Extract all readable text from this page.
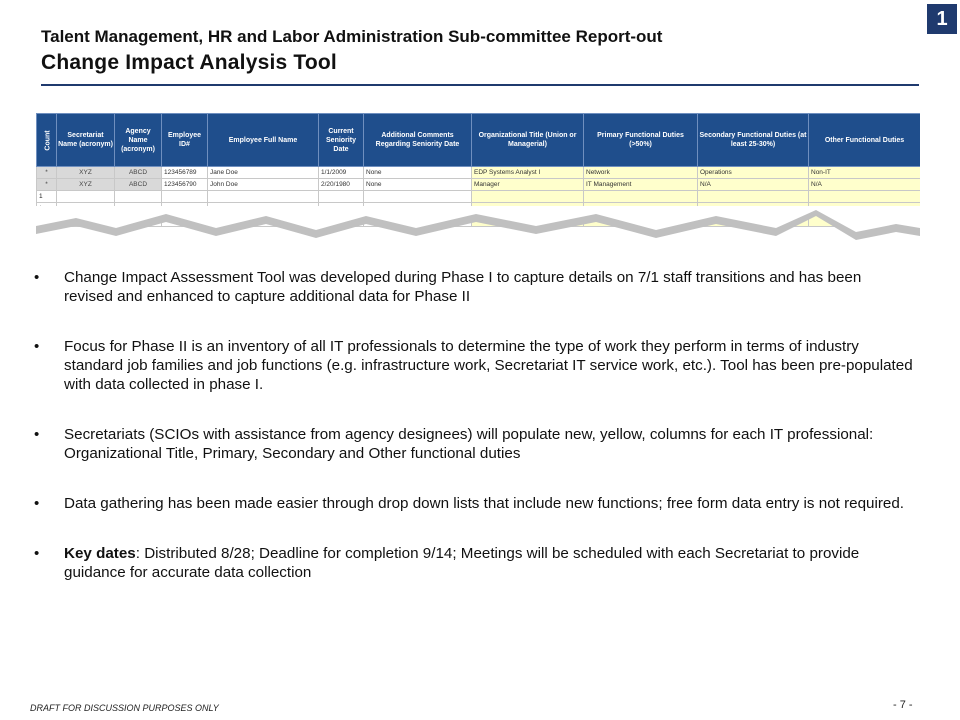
1
Talent Management, HR and Labor Administration Sub-committee Report-out
Change Impact Analysis Tool
Count	Secretariat Name (acronym)	Agency Name (acronym)	Employee ID#	Employee Full Name	Current Seniority Date	Additional Comments Regarding Seniority Date	Organizational Title (Union or Managerial)	Primary Functional Duties (>50%)	Secondary Functional Duties (at least 25-30%)	Other Functional Duties
*	XYZ	ABCD	123456789	Jane Doe	1/1/2009	None	EDP Systems Analyst I	Network	Operations	Non-IT
*	XYZ	ABCD	123456790	John Doe	2/20/1980	None	Manager	IT Management	N/A	N/A
1										

• Change Impact Assessment Tool was developed during Phase I to capture details on 7/1 staff transitions and has been revised and enhanced to capture additional data for Phase II
• Focus for Phase II is an inventory of all IT professionals to determine the type of work they perform in terms of industry standard job families and job functions (e.g. infrastructure work, Secretariat IT service work, etc.). Tool has been pre-populated with data collected in phase I.
• Secretariats (SCIOs with assistance from agency designees) will populate new, yellow, columns for each IT professional: Organizational Title, Primary, Secondary and Other functional duties
• Data gathering has been made easier through drop down lists that include new functions; free form data entry is not required.
• Key dates: Distributed 8/28; Deadline for completion 9/14; Meetings will be scheduled with each Secretariat to provide guidance for accurate data collection
DRAFT FOR DISCUSSION PURPOSES ONLY	- 7 -
